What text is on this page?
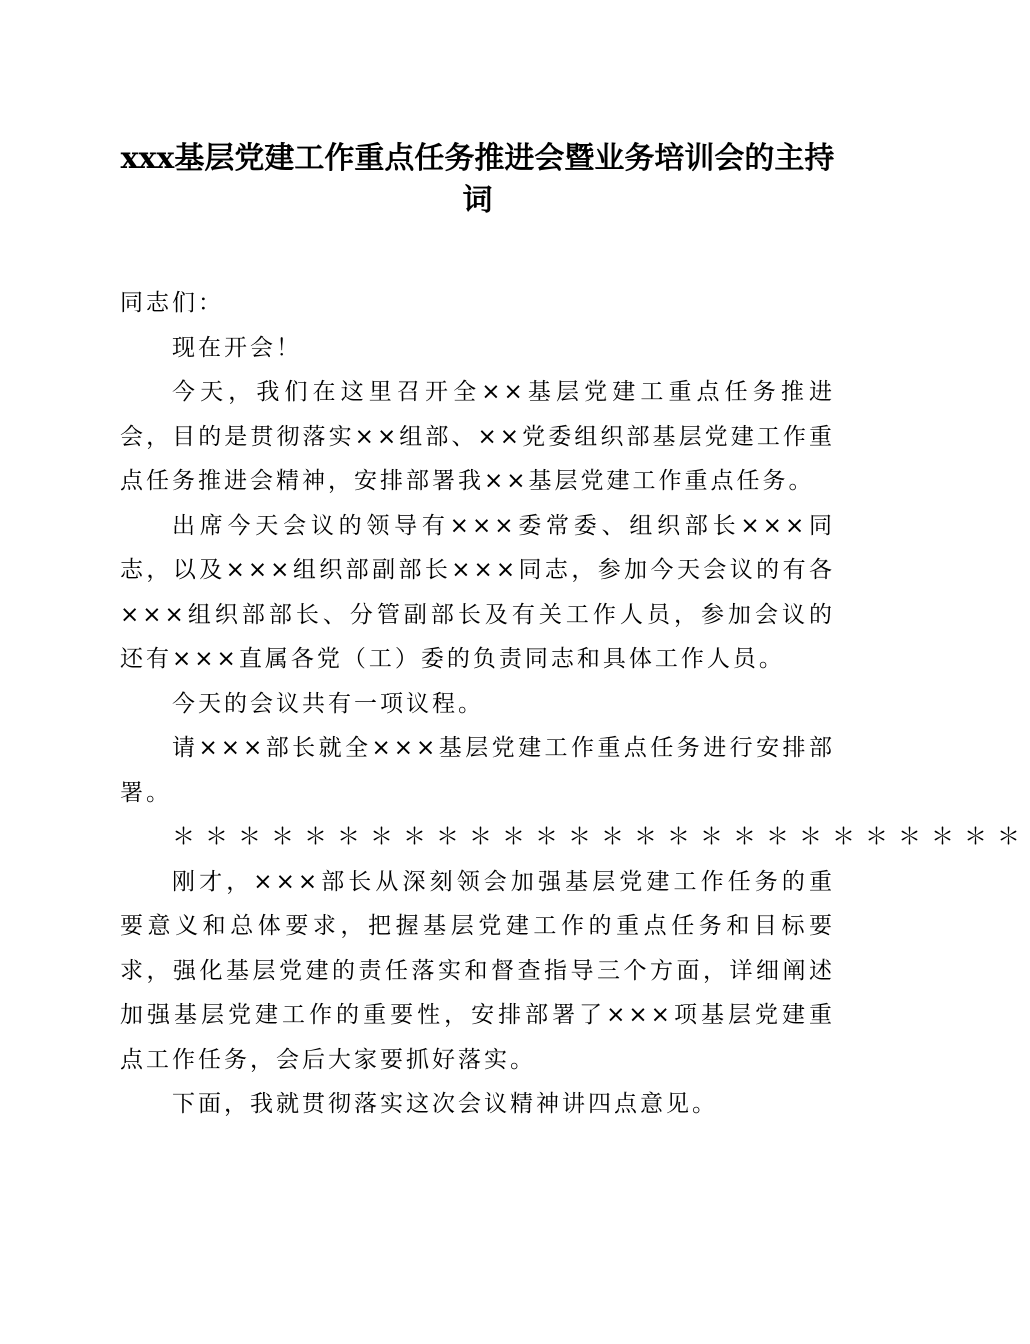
xxx基层党建工作重点任务推进会暨业务培训会的主持词

同志们：

现在开会！

今天，我们在这里召开全××基层党建工重点任务推进会，目的是贯彻落实××组部、××党委组织部基层党建工作重点任务推进会精神，安排部署我××基层党建工作重点任务。

出席今天会议的领导有×××委常委、组织部长×××同志，以及×××组织部副部长×××同志，参加今天会议的有各×××组织部部长、分管副部长及有关工作人员，参加会议的还有×××直属各党（工）委的负责同志和具体工作人员。

今天的会议共有一项议程。

请×××部长就全×××基层党建工作重点任务进行安排部署。

＊＊＊＊＊＊＊＊＊＊＊＊＊＊＊＊＊＊＊＊＊＊＊＊＊＊

刚才，×××部长从深刻领会加强基层党建工作任务的重要意义和总体要求，把握基层党建工作的重点任务和目标要求，强化基层党建的责任落实和督查指导三个方面，详细阐述加强基层党建工作的重要性，安排部署了×××项基层党建重点工作任务，会后大家要抓好落实。

下面，我就贯彻落实这次会议精神讲四点意见。
